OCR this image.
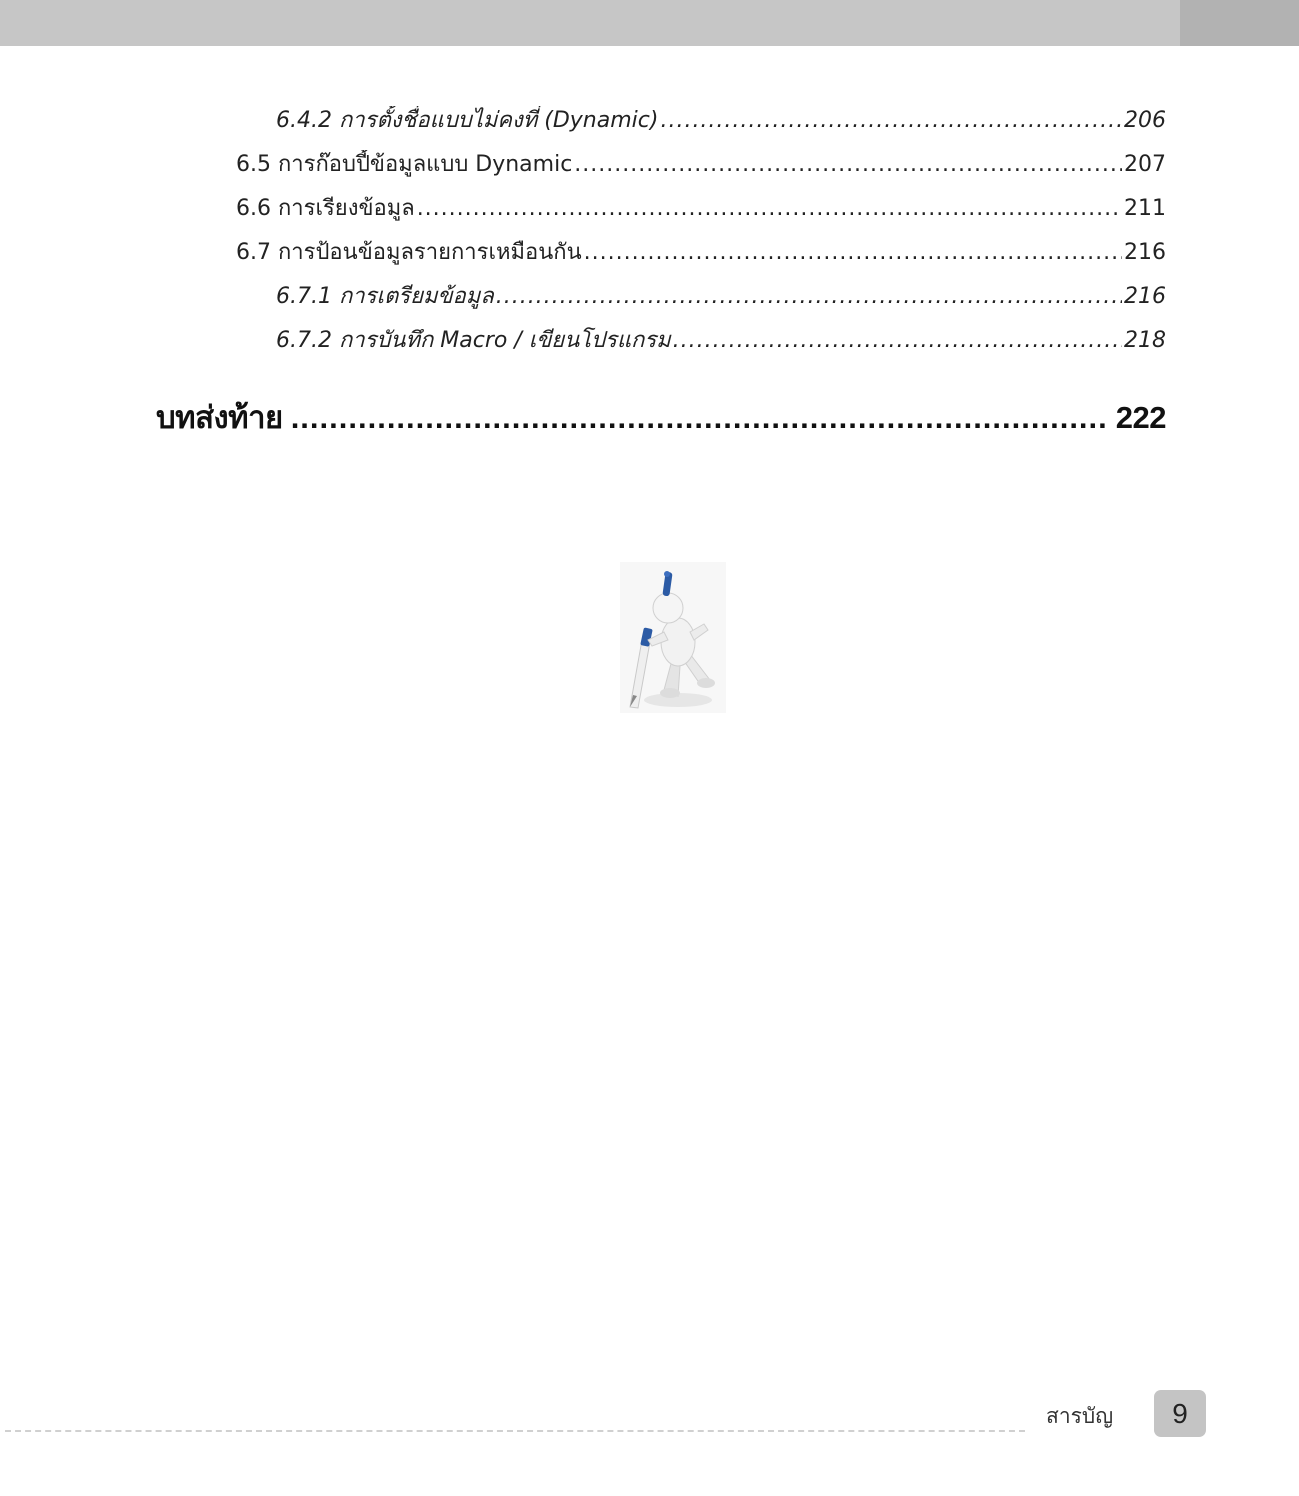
6.4.2 การตั้งชื่อแบบไม่คงที่ (Dynamic) .....	206
6.5 การก๊อบปี้ข้อมูลแบบ Dynamic .....	207
6.6 การเรียงข้อมูล .....	211
6.7 การป้อนข้อมูลรายการเหมือนกัน .....	216
6.7.1 การเตรียมข้อมูล .....	216
6.7.2 การบันทึก Macro / เขียนโปรแกรม .....	218
บทส่งท้าย .....	222
สารบัญ	9
